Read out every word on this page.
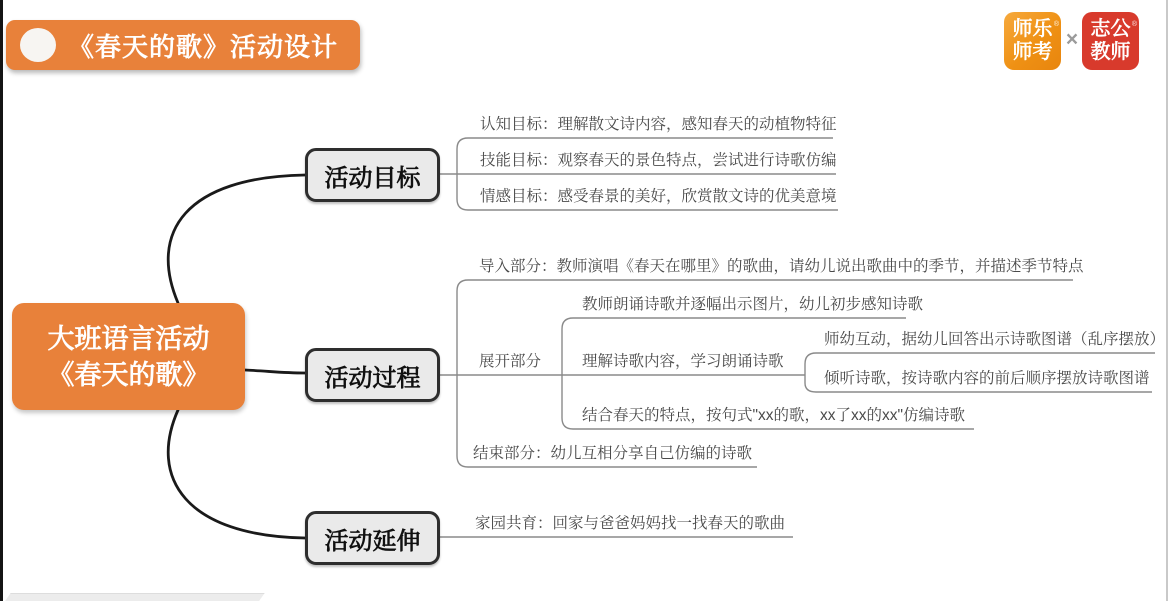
《春天的歌》活动设计
®
师乐
师考
×
®
志公
教师
大班语言活动
《春天的歌》
活动目标
活动过程
活动延伸
认知目标：理解散文诗内容，感知春天的动植物特征
技能目标：观察春天的景色特点，尝试进行诗歌仿编
情感目标：感受春景的美好，欣赏散文诗的优美意境
导入部分：教师演唱《春天在哪里》的歌曲，请幼儿说出歌曲中的季节，并描述季节特点
展开部分
教师朗诵诗歌并逐幅出示图片，幼儿初步感知诗歌
理解诗歌内容，学习朗诵诗歌
师幼互动，据幼儿回答出示诗歌图谱（乱序摆放）
倾听诗歌，按诗歌内容的前后顺序摆放诗歌图谱
结合春天的特点，按句式"xx的歌，xx了xx的xx"仿编诗歌
结束部分：幼儿互相分享自己仿编的诗歌
家园共育：回家与爸爸妈妈找一找春天的歌曲
